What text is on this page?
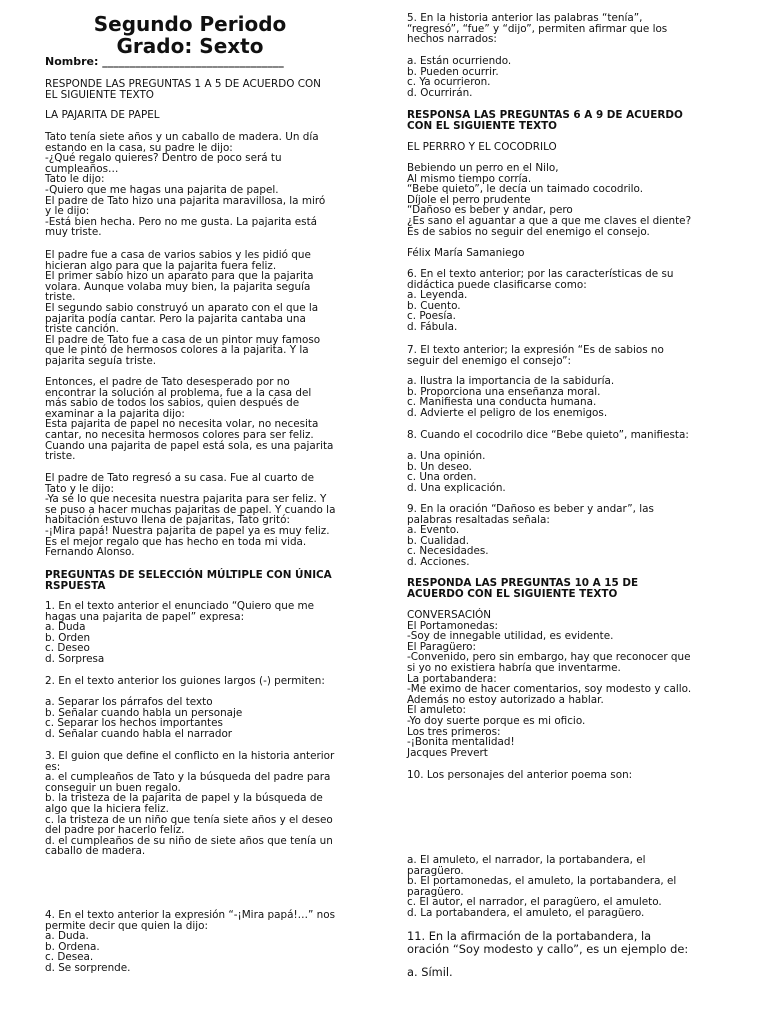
Segundo Periodo
Grado: Sexto

Nombre: _________________________________

RESPONDE LAS PREGUNTAS 1 A 5 DE ACUERDO CON
EL SIGUIENTE TEXTO

LA PAJARITA DE PAPEL

Tato tenía siete años y un caballo de madera. Un día
estando en la casa, su padre le dijo:
-¿Qué regalo quieres? Dentro de poco será tu
cumpleaños…
Tato le dijo:
-Quiero que me hagas una pajarita de papel.
El padre de Tato hizo una pajarita maravillosa, la miró
y le dijo:
-Está bien hecha. Pero no me gusta. La pajarita está
muy triste.

El padre fue a casa de varios sabios y les pidió que
hicieran algo para que la pajarita fuera feliz.
El primer sabio hizo un aparato para que la pajarita
volara. Aunque volaba muy bien, la pajarita seguía
triste.
El segundo sabio construyó un aparato con el que la
pajarita podía cantar. Pero la pajarita cantaba una
triste canción.
El padre de Tato fue a casa de un pintor muy famoso
que le pintó de hermosos colores a la pajarita. Y la
pajarita seguía triste.

Entonces, el padre de Tato desesperado por no
encontrar la solución al problema, fue a la casa del
más sabio de todos los sabios, quien después de
examinar a la pajarita dijo:
Esta pajarita de papel no necesita volar, no necesita
cantar, no necesita hermosos colores para ser feliz.
Cuando una pajarita de papel está sola, es una pajarita
triste.

El padre de Tato regresó a su casa. Fue al cuarto de
Tato y le dijo:
-Ya sé lo que necesita nuestra pajarita para ser feliz. Y
se puso a hacer muchas pajaritas de papel. Y cuando la
habitación estuvo llena de pajaritas, Tato gritó:
-¡Mira papá! Nuestra pajarita de papel ya es muy feliz.
Es el mejor regalo que has hecho en toda mi vida.
Fernando Alonso.

PREGUNTAS DE SELECCIÓN MÚLTIPLE CON ÚNICA
RSPUESTA

1. En el texto anterior el enunciado “Quiero que me
hagas una pajarita de papel” expresa:
a. Duda
b. Orden
c. Deseo
d. Sorpresa

2. En el texto anterior los guiones largos (-) permiten:

a. Separar los párrafos del texto
b. Señalar cuando habla un personaje
c. Separar los hechos importantes
d. Señalar cuando habla el narrador

3. El guion que define el conflicto en la historia anterior
es:
a. el cumpleaños de Tato y la búsqueda del padre para
conseguir un buen regalo.
b. la tristeza de la pajarita de papel y la búsqueda de
algo que la hiciera feliz.
c. la tristeza de un niño que tenía siete años y el deseo
del padre por hacerlo feliz.
d. el cumpleaños de su niño de siete años que tenía un
caballo de madera.

4. En el texto anterior la expresión “-¡Mira papá!…” nos
permite decir que quien la dijo:
a. Duda.
b. Ordena.
c. Desea.
d. Se sorprende.

5. En la historia anterior las palabras “tenía”,
“regresó”, “fue” y “dijo”, permiten afirmar que los
hechos narrados:

a. Están ocurriendo.
b. Pueden ocurrir.
c. Ya ocurrieron.
d. Ocurrirán.

RESPONSA LAS PREGUNTAS 6 A 9 DE ACUERDO
CON EL SIGUIENTE TEXTO

EL PERRRO Y EL COCODRILO

Bebiendo un perro en el Nilo,
Al mismo tiempo corría.
“Bebe quieto”, le decía un taimado cocodrilo.
Díjole el perro prudente
“Dañoso es beber y andar, pero
¿Es sano el aguantar a que a que me claves el diente?
Es de sabios no seguir del enemigo el consejo.

Félix María Samaniego

6. En el texto anterior; por las características de su
didáctica puede clasificarse como:
a. Leyenda.
b. Cuento.
c. Poesía.
d. Fábula.

7. El texto anterior; la expresión “Es de sabios no
seguir del enemigo el consejo”:

a. Ilustra la importancia de la sabiduría.
b. Proporciona una enseñanza moral.
c. Manifiesta una conducta humana.
d. Advierte el peligro de los enemigos.

8. Cuando el cocodrilo dice “Bebe quieto”, manifiesta:

a. Una opinión.
b. Un deseo.
c. Una orden.
d. Una explicación.

9. En la oración “Dañoso es beber y andar”, las
palabras resaltadas señala:
a. Evento.
b. Cualidad.
c. Necesidades.
d. Acciones.

RESPONDA LAS PREGUNTAS 10 A 15 DE
ACUERDO CON EL SIGUIENTE TEXTO

CONVERSACIÓN
El Portamonedas:
-Soy de innegable utilidad, es evidente.
El Paragüero:
-Convenido, pero sin embargo, hay que reconocer que
si yo no existiera habría que inventarme.
La portabandera:
-Me eximo de hacer comentarios, soy modesto y callo.
Además no estoy autorizado a hablar.
El amuleto:
-Yo doy suerte porque es mi oficio.
Los tres primeros:
-¡Bonita mentalidad!
Jacques Prevert

10. Los personajes del anterior poema son:

a. El amuleto, el narrador, la portabandera, el
paragüero.
b. El portamonedas, el amuleto, la portabandera, el
paragüero.
c. El autor, el narrador, el paragüero, el amuleto.
d. La portabandera, el amuleto, el paragüero.

11. En la afirmación de la portabandera, la
oración “Soy modesto y callo”, es un ejemplo de:

a. Símil.
